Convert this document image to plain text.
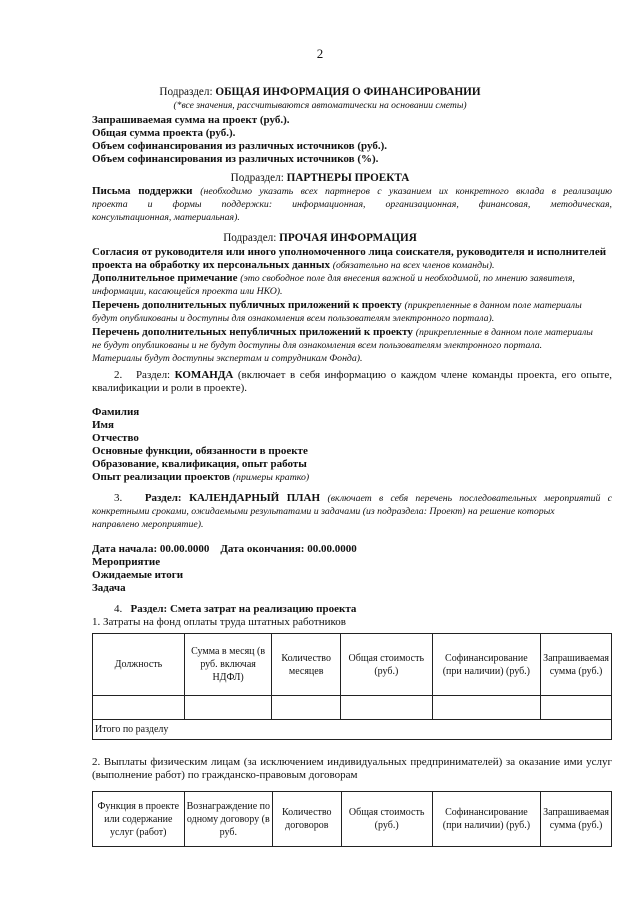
2
Подраздел: ОБЩАЯ ИНФОРМАЦИЯ О ФИНАНСИРОВАНИИ
(*все значения, рассчитываются автоматически на основании сметы)
Запрашиваемая сумма на проект (руб.).
Общая сумма проекта (руб.).
Объем софинансирования из различных источников (руб.).
Объем софинансирования из различных источников (%).
Подраздел: ПАРТНЕРЫ ПРОЕКТА
Письма поддержки (необходимо указать всех партнеров с указанием их конкретного вклада в реализацию
проекта и формы поддержки: информационная, организационная, финансовая, методическая,
консультационная, материальная).
Подраздел: ПРОЧАЯ ИНФОРМАЦИЯ
Согласия от руководителя или иного уполномоченного лица соискателя, руководителя и исполнителей
проекта на обработку их персональных данных (обязательно на всех членов команды).
Дополнительное примечание (это свободное поле для внесения важной и необходимой, по мнению заявителя,
информации, касающейся проекта или НКО).
Перечень дополнительных публичных приложений к проекту (прикрепленные в данном поле материалы
будут опубликованы и доступны для ознакомления всем пользователям электронного портала).
Перечень дополнительных непубличных приложений к проекту (прикрепленные в данном поле материалы
не будут опубликованы и не будут доступны для ознакомления всем пользователям электронного портала.
Материалы будут доступны экспертам и сотрудникам Фонда).
2. Раздел: КОМАНДА (включает в себя информацию о каждом члене команды проекта, его опыте,
квалификации и роли в проекте).
Фамилия
Имя
Отчество
Основные функции, обязанности в проекте
Образование, квалификация, опыт работы
Опыт реализации проектов (примеры кратко)
3. Раздел: КАЛЕНДАРНЫЙ ПЛАН (включает в себя перечень последовательных мероприятий с
конкретными сроками, ожидаемыми результатами и задачами (из подраздела: Проект) на решение которых
направлено мероприятие).
Дата начала: 00.00.0000 Дата окончания: 00.00.0000
Мероприятие
Ожидаемые итоги
Задача
4. Раздел: Смета затрат на реализацию проекта
1. Затраты на фонд оплаты труда штатных работников
Должность	Сумма в месяц (в руб. включая НДФЛ)	Количество месяцев	Общая стоимость (руб.)	Софинансирование (при наличии) (руб.)	Запрашиваемая сумма (руб.)

Итого по разделу					
2. Выплаты физическим лицам (за исключением индивидуальных предпринимателей) за оказание ими услуг
(выполнение работ) по гражданско-правовым договорам
Функция в проекте или содержание услуг (работ)	Вознаграждение по одному договору (в руб.	Количество договоров	Общая стоимость (руб.)	Софинансирование (при наличии) (руб.)	Запрашиваемая сумма (руб.)
